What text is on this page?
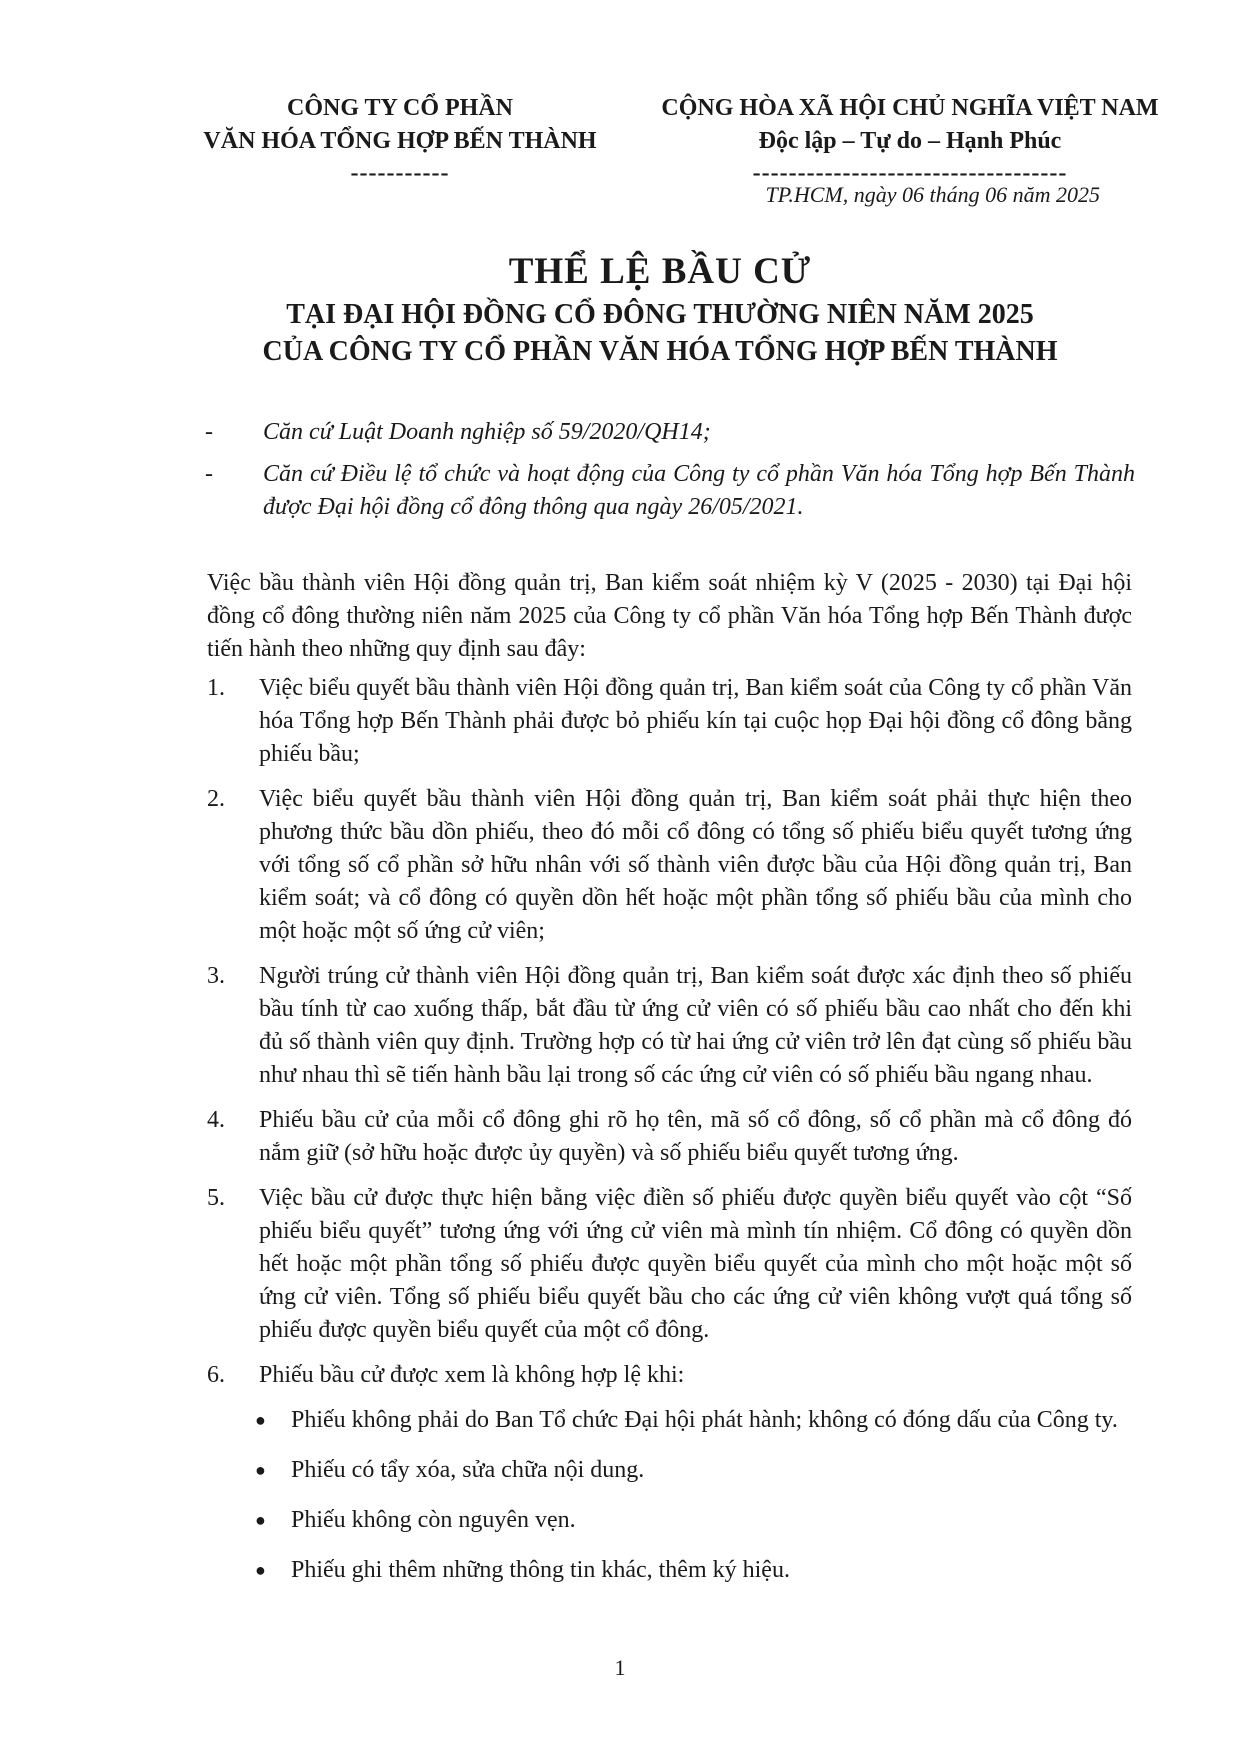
CÔNG TY CỔ PHẦN
VĂN HÓA TỔNG HỢP BẾN THÀNH
-----------
CỘNG HÒA XÃ HỘI CHỦ NGHĨA VIỆT NAM
Độc lập – Tự do – Hạnh Phúc
-----------------------------------
TP.HCM, ngày 06 tháng 06 năm 2025
THỂ LỆ BẦU CỬ
TẠI ĐẠI HỘI ĐỒNG CỔ ĐÔNG THƯỜNG NIÊN NĂM 2025
CỦA CÔNG TY CỔ PHẦN VĂN HÓA TỔNG HỢP BẾN THÀNH
-	Căn cứ Luật Doanh nghiệp số 59/2020/QH14;
-	Căn cứ Điều lệ tổ chức và hoạt động của Công ty cổ phần Văn hóa Tổng hợp Bến Thành được Đại hội đồng cổ đông thông qua ngày 26/05/2021.

Việc bầu thành viên Hội đồng quản trị, Ban kiểm soát nhiệm kỳ V (2025 - 2030) tại Đại hội đồng cổ đông thường niên năm 2025 của Công ty cổ phần Văn hóa Tổng hợp Bến Thành được tiến hành theo những quy định sau đây:

1.	Việc biểu quyết bầu thành viên Hội đồng quản trị, Ban kiểm soát của Công ty cổ phần Văn hóa Tổng hợp Bến Thành phải được bỏ phiếu kín tại cuộc họp Đại hội đồng cổ đông bằng phiếu bầu;
2.	Việc biểu quyết bầu thành viên Hội đồng quản trị, Ban kiểm soát phải thực hiện theo phương thức bầu dồn phiếu, theo đó mỗi cổ đông có tổng số phiếu biểu quyết tương ứng với tổng số cổ phần sở hữu nhân với số thành viên được bầu của Hội đồng quản trị, Ban kiểm soát; và cổ đông có quyền dồn hết hoặc một phần tổng số phiếu bầu của mình cho một hoặc một số ứng cử viên;
3.	Người trúng cử thành viên Hội đồng quản trị, Ban kiểm soát được xác định theo số phiếu bầu tính từ cao xuống thấp, bắt đầu từ ứng cử viên có số phiếu bầu cao nhất cho đến khi đủ số thành viên quy định. Trường hợp có từ hai ứng cử viên trở lên đạt cùng số phiếu bầu như nhau thì sẽ tiến hành bầu lại trong số các ứng cử viên có số phiếu bầu ngang nhau.
4.	Phiếu bầu cử của mỗi cổ đông ghi rõ họ tên, mã số cổ đông, số cổ phần mà cổ đông đó nắm giữ (sở hữu hoặc được ủy quyền) và số phiếu biểu quyết tương ứng.
5.	Việc bầu cử được thực hiện bằng việc điền số phiếu được quyền biểu quyết vào cột “Số phiếu biểu quyết” tương ứng với ứng cử viên mà mình tín nhiệm. Cổ đông có quyền dồn hết hoặc một phần tổng số phiếu được quyền biểu quyết của mình cho một hoặc một số ứng cử viên. Tổng số phiếu biểu quyết bầu cho các ứng cử viên không vượt quá tổng số phiếu được quyền biểu quyết của một cổ đông.
6.	Phiếu bầu cử được xem là không hợp lệ khi:
●	Phiếu không phải do Ban Tổ chức Đại hội phát hành; không có đóng dấu của Công ty.
●	Phiếu có tẩy xóa, sửa chữa nội dung.
●	Phiếu không còn nguyên vẹn.
●	Phiếu ghi thêm những thông tin khác, thêm ký hiệu.
1
